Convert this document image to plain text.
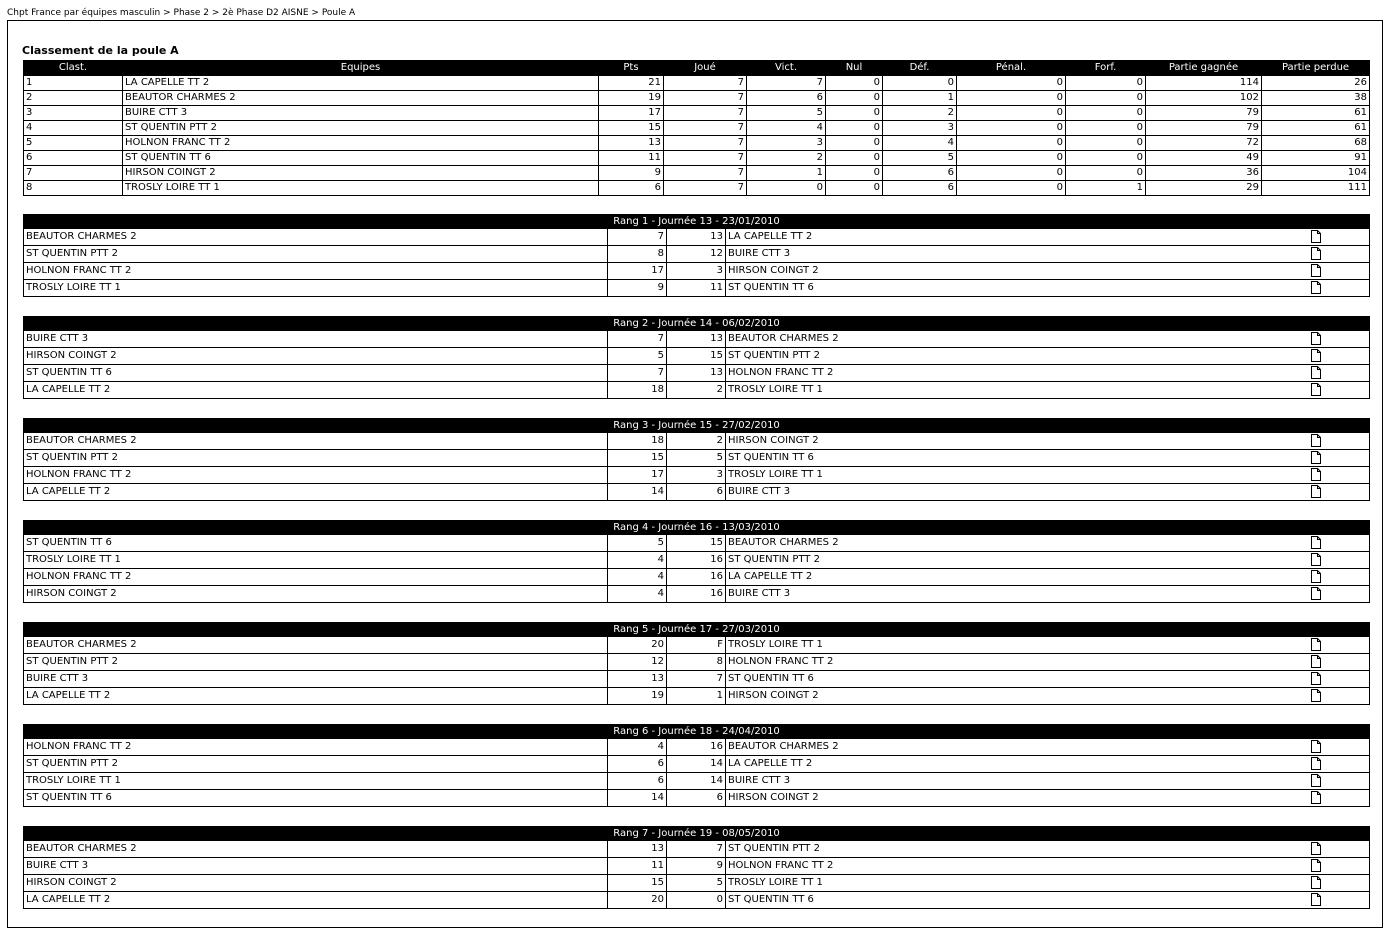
Chpt France par équipes masculin > Phase 2 > 2è Phase D2 AISNE > Poule A
Classement de la poule A
Clast.	Equipes	Pts	Joué	Vict.	Nul	Déf.	Pénal.	Forf.	Partie gagnée	Partie perdue
1	LA CAPELLE TT 2	21	7	7	0	0	0	0	114	26
2	BEAUTOR CHARMES 2	19	7	6	0	1	0	0	102	38
3	BUIRE CTT 3	17	7	5	0	2	0	0	79	61
4	ST QUENTIN PTT 2	15	7	4	0	3	0	0	79	61
5	HOLNON FRANC TT 2	13	7	3	0	4	0	0	72	68
6	ST QUENTIN TT 6	11	7	2	0	5	0	0	49	91
7	HIRSON COINGT 2	9	7	1	0	6	0	0	36	104
8	TROSLY LOIRE TT 1	6	7	0	0	6	0	1	29	111
Rang 1 - Journée 13 - 23/01/2010				
BEAUTOR CHARMES 2	7	13	LA CAPELLE TT 2	

ST QUENTIN PTT 2	8	12	BUIRE CTT 3	

HOLNON FRANC TT 2	17	3	HIRSON COINGT 2	

TROSLY LOIRE TT 1	9	11	ST QUENTIN TT 6	
Rang 2 - Journée 14 - 06/02/2010				
BUIRE CTT 3	7	13	BEAUTOR CHARMES 2	

HIRSON COINGT 2	5	15	ST QUENTIN PTT 2	

ST QUENTIN TT 6	7	13	HOLNON FRANC TT 2	

LA CAPELLE TT 2	18	2	TROSLY LOIRE TT 1	
Rang 3 - Journée 15 - 27/02/2010				
BEAUTOR CHARMES 2	18	2	HIRSON COINGT 2	

ST QUENTIN PTT 2	15	5	ST QUENTIN TT 6	

HOLNON FRANC TT 2	17	3	TROSLY LOIRE TT 1	

LA CAPELLE TT 2	14	6	BUIRE CTT 3	
Rang 4 - Journée 16 - 13/03/2010				
ST QUENTIN TT 6	5	15	BEAUTOR CHARMES 2	

TROSLY LOIRE TT 1	4	16	ST QUENTIN PTT 2	

HOLNON FRANC TT 2	4	16	LA CAPELLE TT 2	

HIRSON COINGT 2	4	16	BUIRE CTT 3	
Rang 5 - Journée 17 - 27/03/2010				
BEAUTOR CHARMES 2	20	F	TROSLY LOIRE TT 1	

ST QUENTIN PTT 2	12	8	HOLNON FRANC TT 2	

BUIRE CTT 3	13	7	ST QUENTIN TT 6	

LA CAPELLE TT 2	19	1	HIRSON COINGT 2	
Rang 6 - Journée 18 - 24/04/2010				
HOLNON FRANC TT 2	4	16	BEAUTOR CHARMES 2	

ST QUENTIN PTT 2	6	14	LA CAPELLE TT 2	

TROSLY LOIRE TT 1	6	14	BUIRE CTT 3	

ST QUENTIN TT 6	14	6	HIRSON COINGT 2	
Rang 7 - Journée 19 - 08/05/2010				
BEAUTOR CHARMES 2	13	7	ST QUENTIN PTT 2	

BUIRE CTT 3	11	9	HOLNON FRANC TT 2	

HIRSON COINGT 2	15	5	TROSLY LOIRE TT 1	

LA CAPELLE TT 2	20	0	ST QUENTIN TT 6	
